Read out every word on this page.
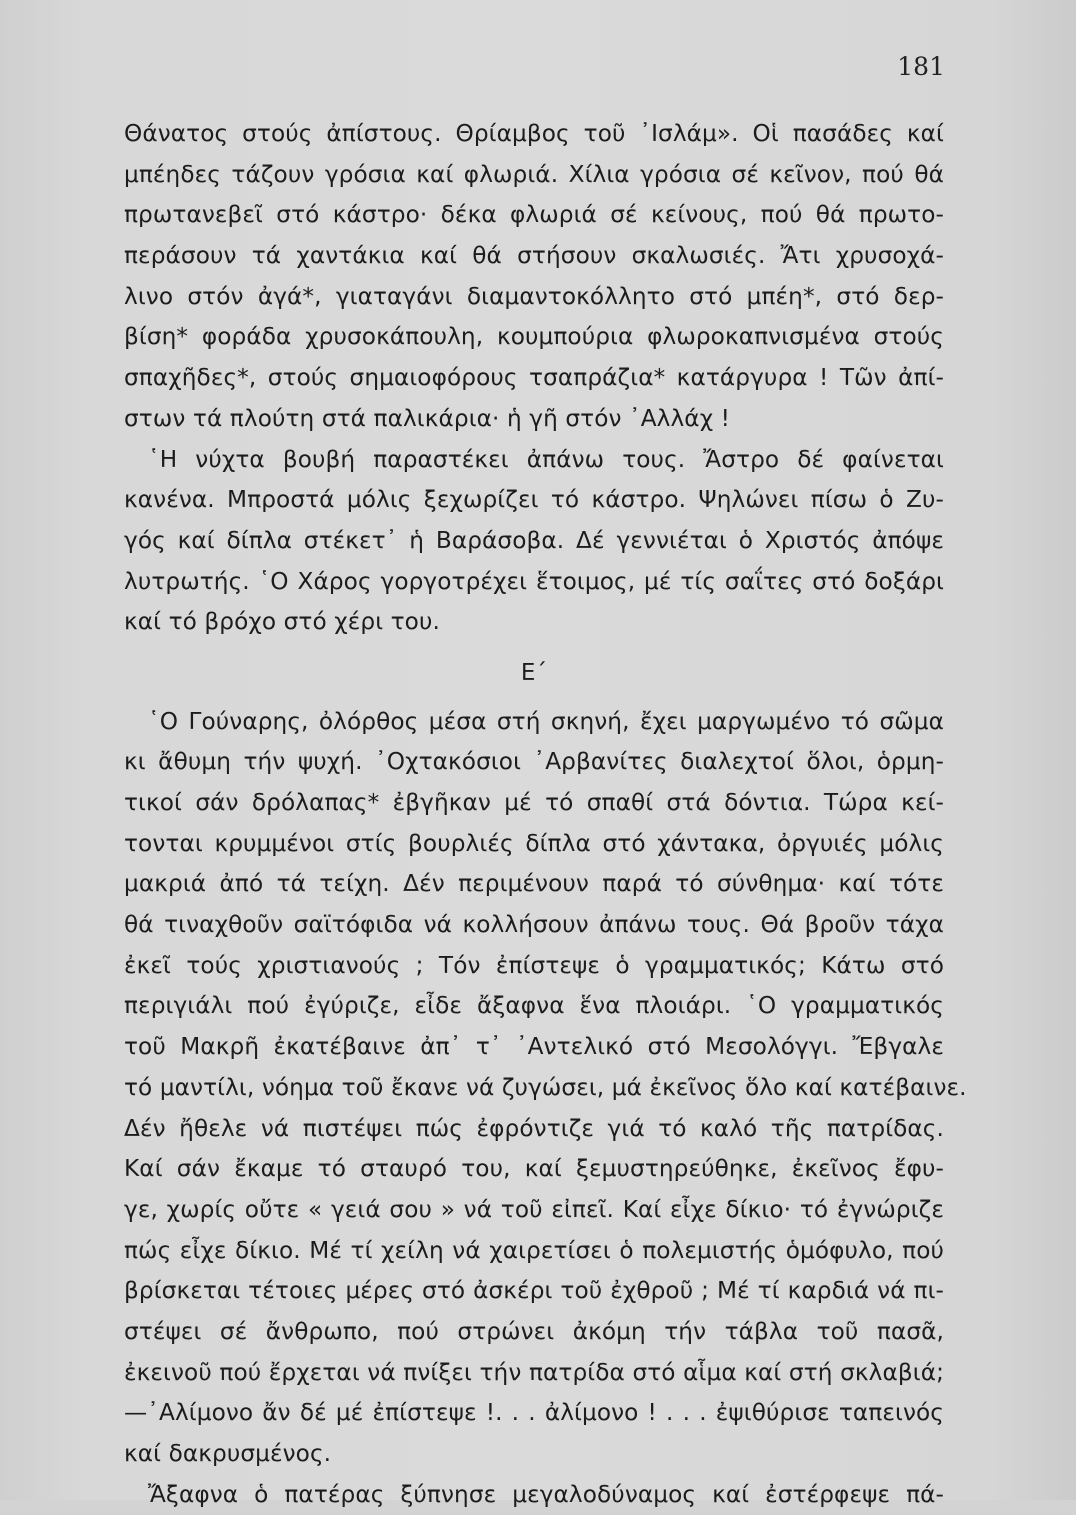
181
Θάνατος στούς ἀπίστους. Θρίαμβος τοῦ ᾿Ισλάμ». Οἱ πασάδες καί
μπέηδες τάζουν γρόσια καί φλωριά. Χίλια γρόσια σέ κεῖνον, πού θά
πρωτανεβεῖ στό κάστρο· δέκα φλωριά σέ κείνους, πού θά πρωτο-
περάσουν τά χαντάκια καί θά στήσουν σκαλωσιές. Ἄτι χρυσοχά-
λινο στόν ἀγά*, γιαταγάνι διαμαντοκόλλητο στό μπέη*, στό δερ-
βίση* φοράδα χρυσοκάπουλη, κουμπούρια φλωροκαπνισμένα στούς
σπαχῆδες*, στούς σημαιοφόρους τσαπράζια* κατάργυρα ! Τῶν ἀπί-
στων τά πλούτη στά παλικάρια· ἡ γῆ στόν ᾿Αλλάχ !
῾Η νύχτα βουβή παραστέκει ἀπάνω τους. Ἄστρο δέ φαίνεται
κανένα. Μπροστά μόλις ξεχωρίζει τό κάστρο. Ψηλώνει πίσω ὁ Ζυ-
γός καί δίπλα στέκετ᾿ ἡ Βαράσοβα. Δέ γεννιέται ὁ Χριστός ἀπόψε
λυτρωτής. ῾Ο Χάρος γοργοτρέχει ἕτοιμος, μέ τίς σαΐτες στό δοξάρι
καί τό βρόχο στό χέρι του.
Ε΄
῾Ο Γούναρης, ὀλόρθος μέσα στή σκηνή, ἔχει μαργωμένο τό σῶμα
κι ἄθυμη τήν ψυχή. ᾿Οχτακόσιοι ᾿Αρβανίτες διαλεχτοί ὅλοι, ὁρμη-
τικοί σάν δρόλαπας* ἐβγῆκαν μέ τό σπαθί στά δόντια. Τώρα κεί-
τονται κρυμμένοι στίς βουρλιές δίπλα στό χάντακα, ὀργυιές μόλις
μακριά ἀπό τά τείχη. Δέν περιμένουν παρά τό σύνθημα· καί τότε
θά τιναχθοῦν σαϊτόφιδα νά κολλήσουν ἀπάνω τους. Θά βροῦν τάχα
ἐκεῖ τούς χριστιανούς ; Τόν ἐπίστεψε ὁ γραμματικός; Κάτω στό
περιγιάλι πού ἐγύριζε, εἶδε ἄξαφνα ἕνα πλοιάρι. ῾Ο γραμματικός
τοῦ Μακρῆ ἐκατέβαινε ἀπ᾿ τ᾿ ᾿Αντελικό στό Μεσολόγγι. Ἔβγαλε
τό μαντίλι, νόημα τοῦ ἔκανε νά ζυγώσει, μά ἐκεῖνος ὅλο καί κατέβαινε.
Δέν ἤθελε νά πιστέψει πώς ἐφρόντιζε γιά τό καλό τῆς πατρίδας.
Καί σάν ἔκαμε τό σταυρό του, καί ξεμυστηρεύθηκε, ἐκεῖνος ἔφυ-
γε, χωρίς οὔτε « γειά σου » νά τοῦ εἰπεῖ. Καί εἶχε δίκιο· τό ἐγνώριζε
πώς εἶχε δίκιο. Μέ τί χείλη νά χαιρετίσει ὁ πολεμιστής ὁμόφυλο, πού
βρίσκεται τέτοιες μέρες στό ἀσκέρι τοῦ ἐχθροῦ ; Μέ τί καρδιά νά πι-
στέψει σέ ἄνθρωπο, πού στρώνει ἀκόμη τήν τάβλα τοῦ πασᾶ,
ἐκεινοῦ πού ἔρχεται νά πνίξει τήν πατρίδα στό αἷμα καί στή σκλαβιά;
—᾿Αλίμονο ἄν δέ μέ ἐπίστεψε !. . . ἀλίμονο ! . . . ἐψιθύρισε ταπεινός
καί δακρυσμένος.
Ἄξαφνα ὁ πατέρας ξύπνησε μεγαλοδύναμος καί ἐστέρφεψε πά-
